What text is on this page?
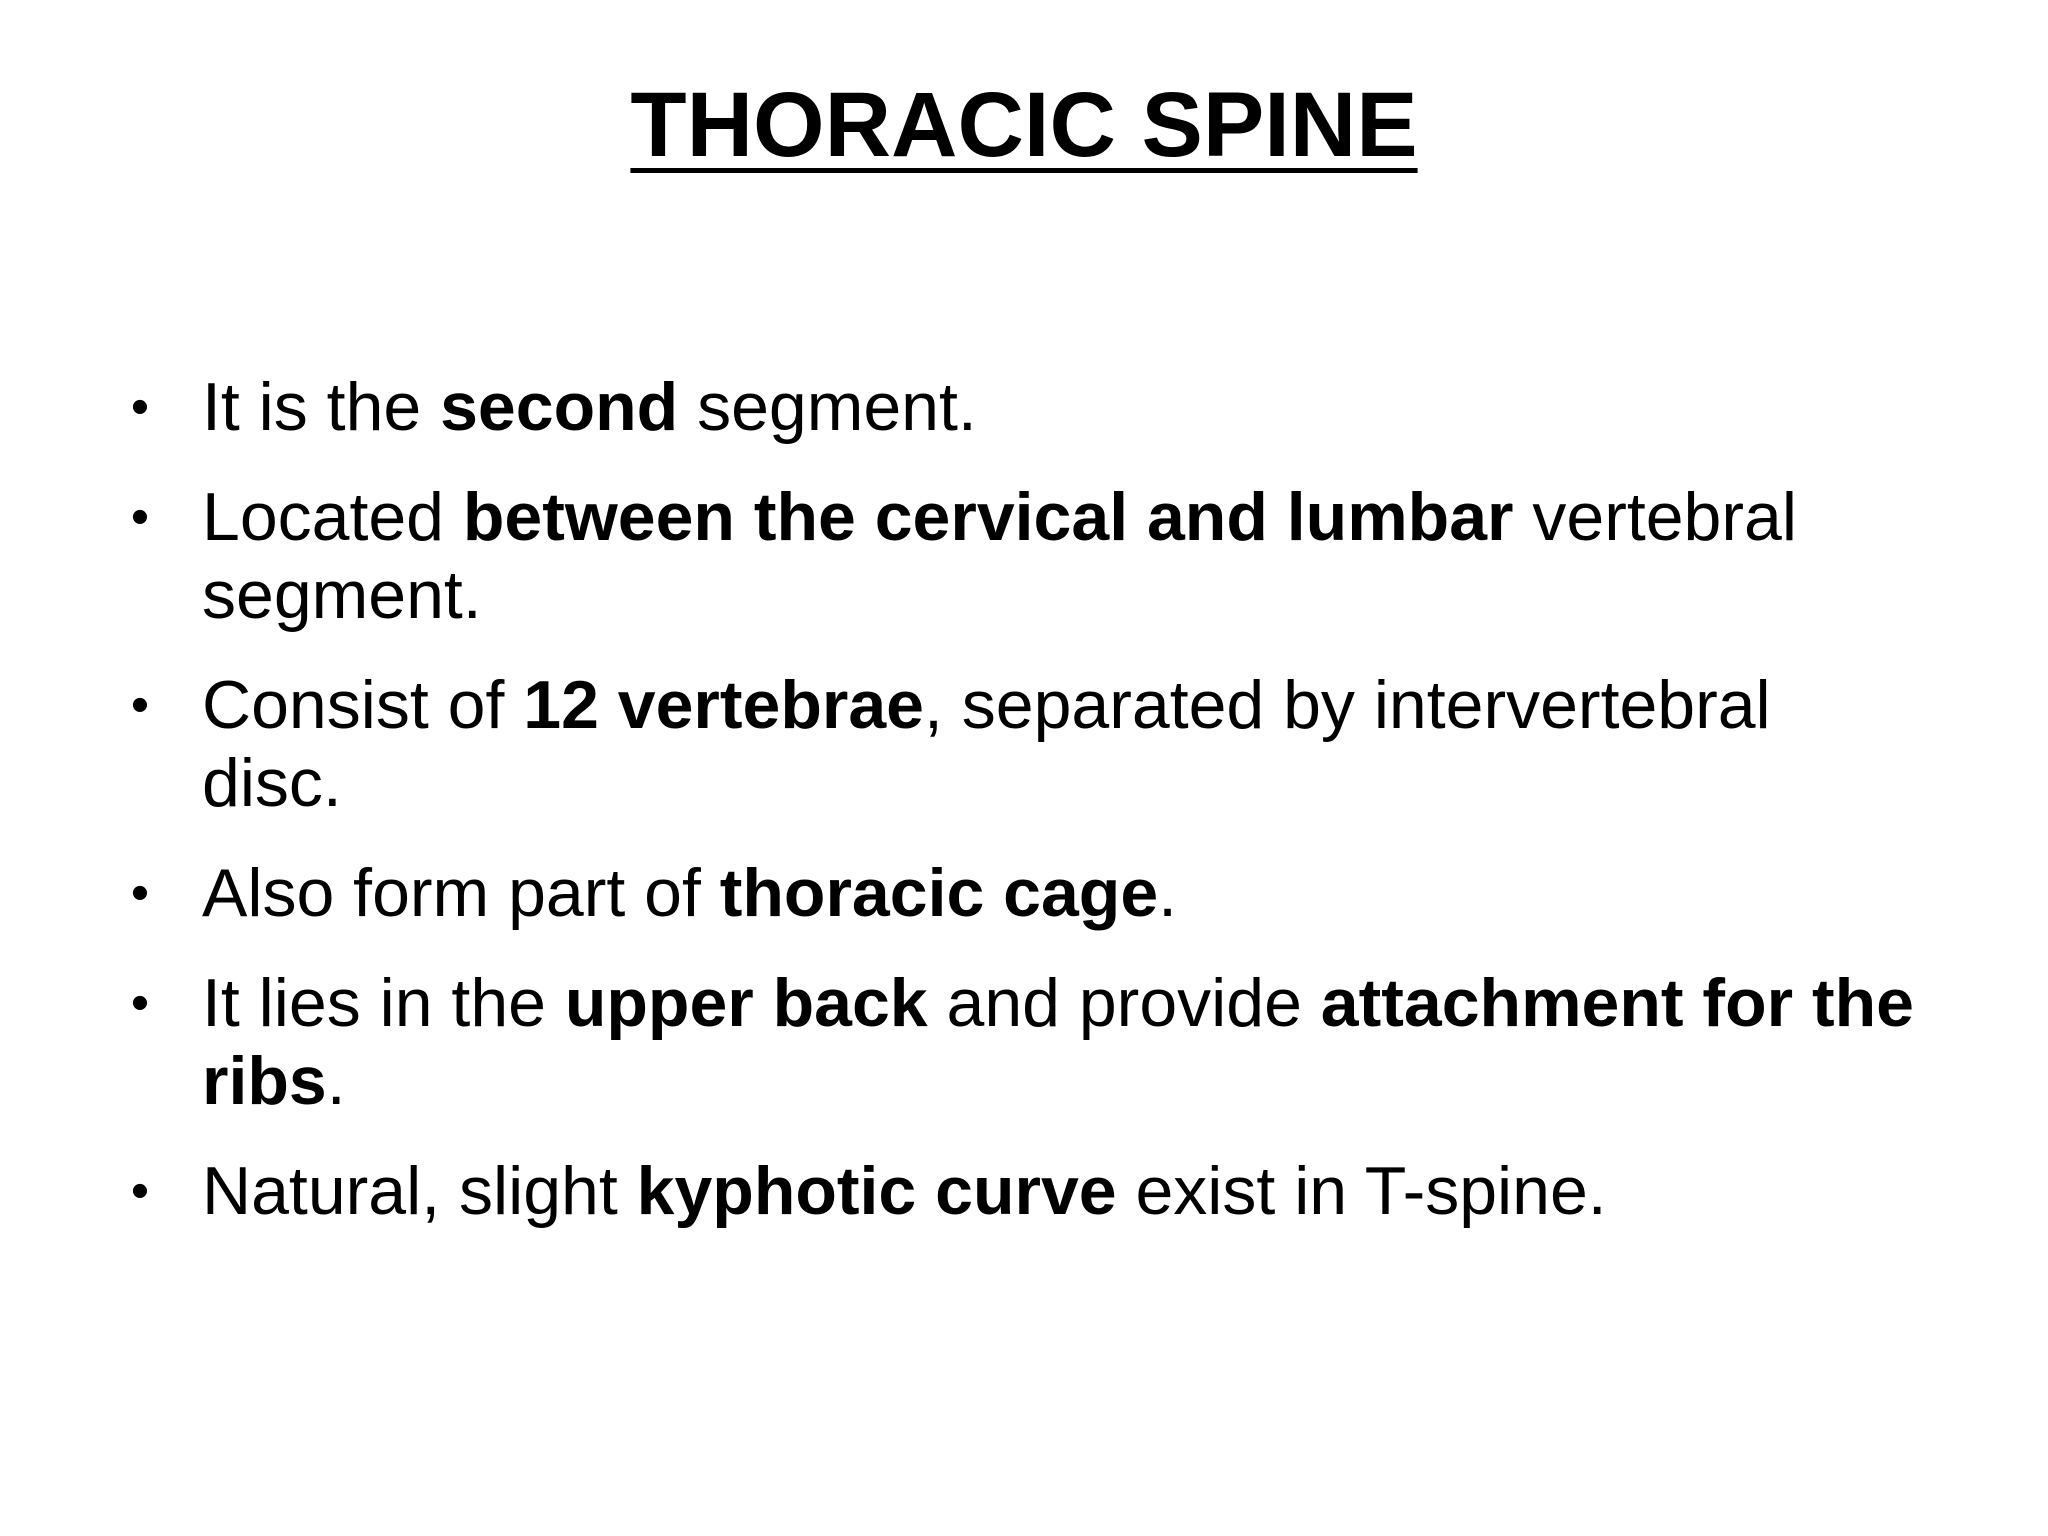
THORACIC SPINE
• It is the second segment.
• Located between the cervical and lumbar vertebral segment.
• Consist of 12 vertebrae, separated by intervertebral disc.
• Also form part of thoracic cage.
• It lies in the upper back and provide attachment for the ribs.
• Natural, slight kyphotic curve exist in T-spine.
